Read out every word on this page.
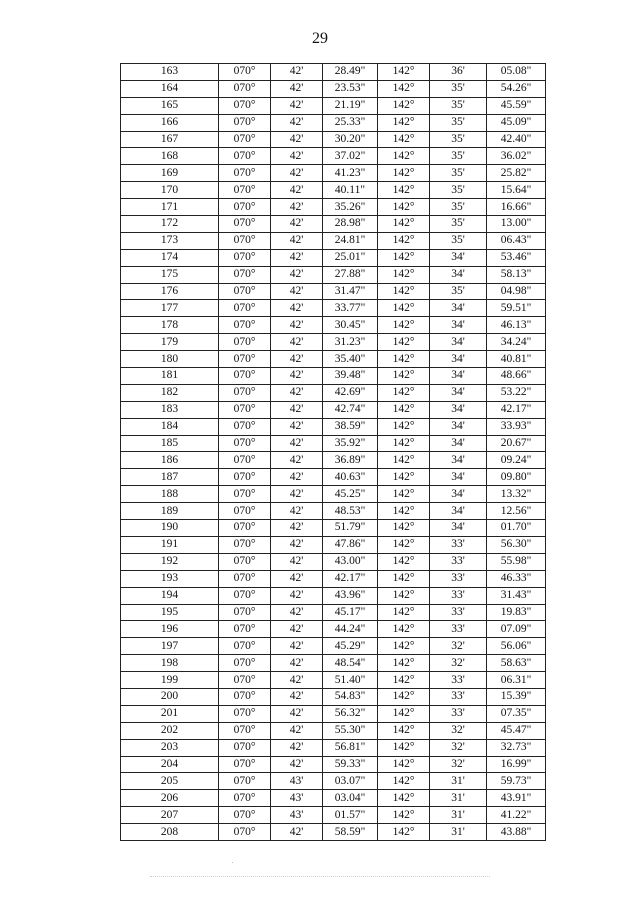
29
163	070°	42'	28.49"	142°	36'	05.08"
164	070°	42'	23.53"	142°	35'	54.26"
165	070°	42'	21.19"	142°	35'	45.59"
166	070°	42'	25.33"	142°	35'	45.09"
167	070°	42'	30.20"	142°	35'	42.40"
168	070°	42'	37.02"	142°	35'	36.02"
169	070°	42'	41.23"	142°	35'	25.82"
170	070°	42'	40.11"	142°	35'	15.64"
171	070°	42'	35.26"	142°	35'	16.66"
172	070°	42'	28.98"	142°	35'	13.00"
173	070°	42'	24.81"	142°	35'	06.43"
174	070°	42'	25.01"	142°	34'	53.46"
175	070°	42'	27.88"	142°	34'	58.13"
176	070°	42'	31.47"	142°	35'	04.98"
177	070°	42'	33.77"	142°	34'	59.51"
178	070°	42'	30.45"	142°	34'	46.13"
179	070°	42'	31.23"	142°	34'	34.24"
180	070°	42'	35.40"	142°	34'	40.81"
181	070°	42'	39.48"	142°	34'	48.66"
182	070°	42'	42.69"	142°	34'	53.22"
183	070°	42'	42.74"	142°	34'	42.17"
184	070°	42'	38.59"	142°	34'	33.93"
185	070°	42'	35.92"	142°	34'	20.67"
186	070°	42'	36.89"	142°	34'	09.24"
187	070°	42'	40.63"	142°	34'	09.80"
188	070°	42'	45.25"	142°	34'	13.32"
189	070°	42'	48.53"	142°	34'	12.56"
190	070°	42'	51.79"	142°	34'	01.70"
191	070°	42'	47.86"	142°	33'	56.30"
192	070°	42'	43.00"	142°	33'	55.98"
193	070°	42'	42.17"	142°	33'	46.33"
194	070°	42'	43.96"	142°	33'	31.43"
195	070°	42'	45.17"	142°	33'	19.83"
196	070°	42'	44.24"	142°	33'	07.09"
197	070°	42'	45.29"	142°	32'	56.06"
198	070°	42'	48.54"	142°	32'	58.63"
199	070°	42'	51.40"	142°	33'	06.31"
200	070°	42'	54.83"	142°	33'	15.39"
201	070°	42'	56.32"	142°	33'	07.35"
202	070°	42'	55.30"	142°	32'	45.47"
203	070°	42'	56.81"	142°	32'	32.73"
204	070°	42'	59.33"	142°	32'	16.99"
205	070°	43'	03.07"	142°	31'	59.73"
206	070°	43'	03.04"	142°	31'	43.91"
207	070°	43'	01.57"	142°	31'	41.22"
208	070°	42'	58.59"	142°	31'	43.88"
